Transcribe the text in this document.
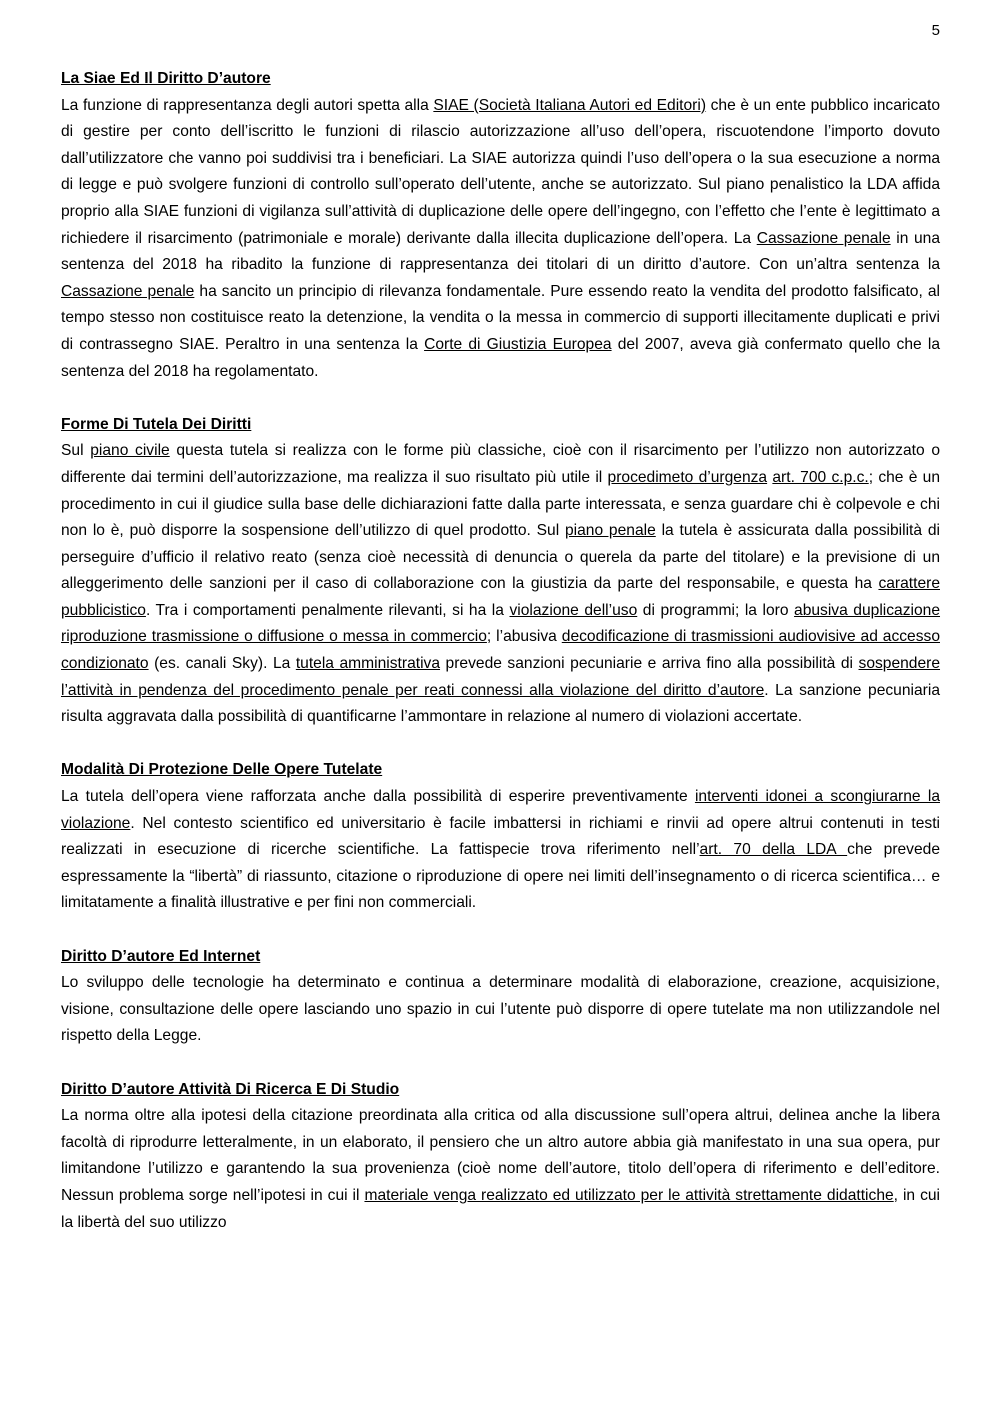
5

La Siae Ed Il Diritto D’autore

La funzione di rappresentanza degli autori spetta alla SIAE (Società Italiana Autori ed Editori) che è un ente pubblico incaricato di gestire per conto dell’iscritto le funzioni di rilascio autorizzazione all’uso dell’opera, riscuotendone l’importo dovuto dall’utilizzatore che vanno poi suddivisi tra i beneficiari. La SIAE autorizza quindi l’uso dell’opera o la sua esecuzione a norma di legge e può svolgere funzioni di controllo sull’operato dell’utente, anche se autorizzato. Sul piano penalistico la LDA affida proprio alla SIAE funzioni di vigilanza sull’attività di duplicazione delle opere dell’ingegno, con l’effetto che l’ente è legittimato a richiedere il risarcimento (patrimoniale e morale) derivante dalla illecita duplicazione dell’opera. La Cassazione penale in una sentenza del 2018 ha ribadito la funzione di rappresentanza dei titolari di un diritto d’autore. Con un’altra sentenza la Cassazione penale ha sancito un principio di rilevanza fondamentale. Pure essendo reato la vendita del prodotto falsificato, al tempo stesso non costituisce reato la detenzione, la vendita o la messa in commercio di supporti illecitamente duplicati e privi di contrassegno SIAE. Peraltro in una sentenza la Corte di Giustizia Europea del 2007, aveva già confermato quello che la sentenza del 2018 ha regolamentato.

Forme Di Tutela Dei Diritti

Sul piano civile questa tutela si realizza con le forme più classiche, cioè con il risarcimento per l’utilizzo non autorizzato o differente dai termini dell’autorizzazione, ma realizza il suo risultato più utile il procedimeto d’urgenza art. 700 c.p.c.; che è un procedimento in cui il giudice sulla base delle dichiarazioni fatte dalla parte interessata, e senza guardare chi è colpevole e chi non lo è, può disporre la sospensione dell’utilizzo di quel prodotto. Sul piano penale la tutela è assicurata dalla possibilità di perseguire d’ufficio il relativo reato (senza cioè necessità di denuncia o querela da parte del titolare) e la previsione di un alleggerimento delle sanzioni per il caso di collaborazione con la giustizia da parte del responsabile, e questa ha carattere pubblicistico. Tra i comportamenti penalmente rilevanti, si ha la violazione dell’uso di programmi; la loro abusiva duplicazione riproduzione trasmissione o diffusione o messa in commercio; l’abusiva decodificazione di trasmissioni audiovisive ad accesso condizionato (es. canali Sky). La tutela amministrativa prevede sanzioni pecuniarie e arriva fino alla possibilità di sospendere l’attività in pendenza del procedimento penale per reati connessi alla violazione del diritto d’autore. La sanzione pecuniaria risulta aggravata dalla possibilità di quantificarne l’ammontare in relazione al numero di violazioni accertate.

Modalità Di Protezione Delle Opere Tutelate

La tutela dell’opera viene rafforzata anche dalla possibilità di esperire preventivamente interventi idonei a scongiurarne la violazione. Nel contesto scientifico ed universitario è facile imbattersi in richiami e rinvii ad opere altrui contenuti in testi realizzati in esecuzione di ricerche scientifiche. La fattispecie trova riferimento nell’art. 70 della LDA che prevede espressamente la “libertà” di riassunto, citazione o riproduzione di opere nei limiti dell’insegnamento o di ricerca scientifica… e limitatamente a finalità illustrative e per fini non commerciali.

Diritto D’autore Ed Internet

Lo sviluppo delle tecnologie ha determinato e continua a determinare modalità di elaborazione, creazione, acquisizione, visione, consultazione delle opere lasciando uno spazio in cui l’utente può disporre di opere tutelate ma non utilizzandole nel rispetto della Legge.

Diritto D’autore Attività Di Ricerca E Di Studio

La norma oltre alla ipotesi della citazione preordinata alla critica od alla discussione sull’opera altrui, delinea anche la libera facoltà di riprodurre letteralmente, in un elaborato, il pensiero che un altro autore abbia già manifestato in una sua opera, pur limitandone l’utilizzo e garantendo la sua provenienza (cioè nome dell’autore, titolo dell’opera di riferimento e dell’editore. Nessun problema sorge nell’ipotesi in cui il materiale venga realizzato ed utilizzato per le attività strettamente didattiche, in cui la libertà del suo utilizzo
